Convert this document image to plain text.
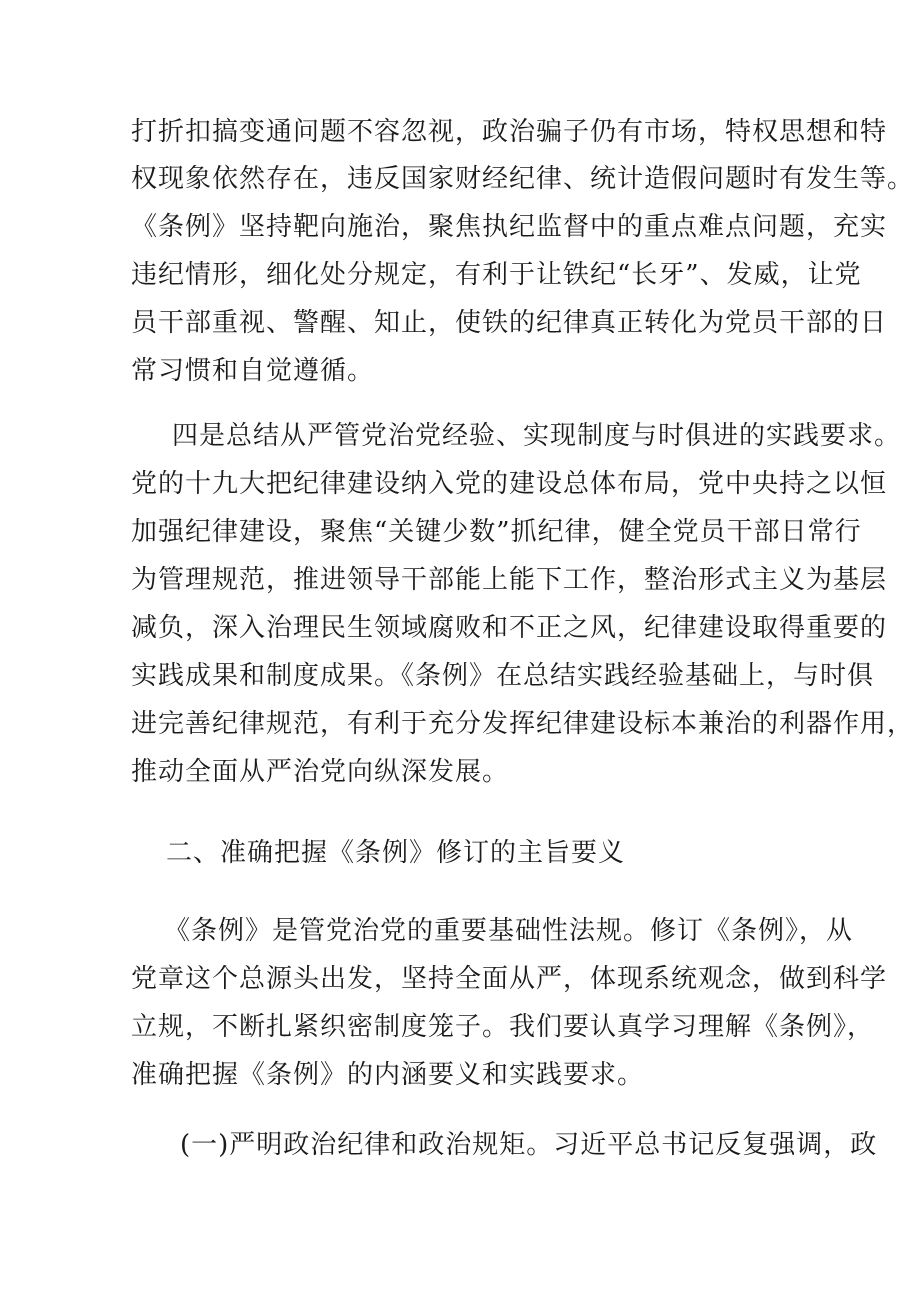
打折扣搞变通问题不容忽视，政治骗子仍有市场，特权思想和特
权现象依然存在，违反国家财经纪律、统计造假问题时有发生等。
《条例》坚持靶向施治，聚焦执纪监督中的重点难点问题，充实
违纪情形，细化处分规定，有利于让铁纪“长牙”、发威，让党
员干部重视、警醒、知止，使铁的纪律真正转化为党员干部的日
常习惯和自觉遵循。
四是总结从严管党治党经验、实现制度与时俱进的实践要求。
党的十九大把纪律建设纳入党的建设总体布局，党中央持之以恒
加强纪律建设，聚焦“关键少数”抓纪律，健全党员干部日常行
为管理规范，推进领导干部能上能下工作，整治形式主义为基层
减负，深入治理民生领域腐败和不正之风，纪律建设取得重要的
实践成果和制度成果。《条例》在总结实践经验基础上，与时俱
进完善纪律规范，有利于充分发挥纪律建设标本兼治的利器作用，
推动全面从严治党向纵深发展。
二、准确把握《条例》修订的主旨要义
《条例》是管党治党的重要基础性法规。修订《条例》，从
党章这个总源头出发，坚持全面从严，体现系统观念，做到科学
立规，不断扎紧织密制度笼子。我们要认真学习理解《条例》，
准确把握《条例》的内涵要义和实践要求。
(一)严明政治纪律和政治规矩。习近平总书记反复强调，政
